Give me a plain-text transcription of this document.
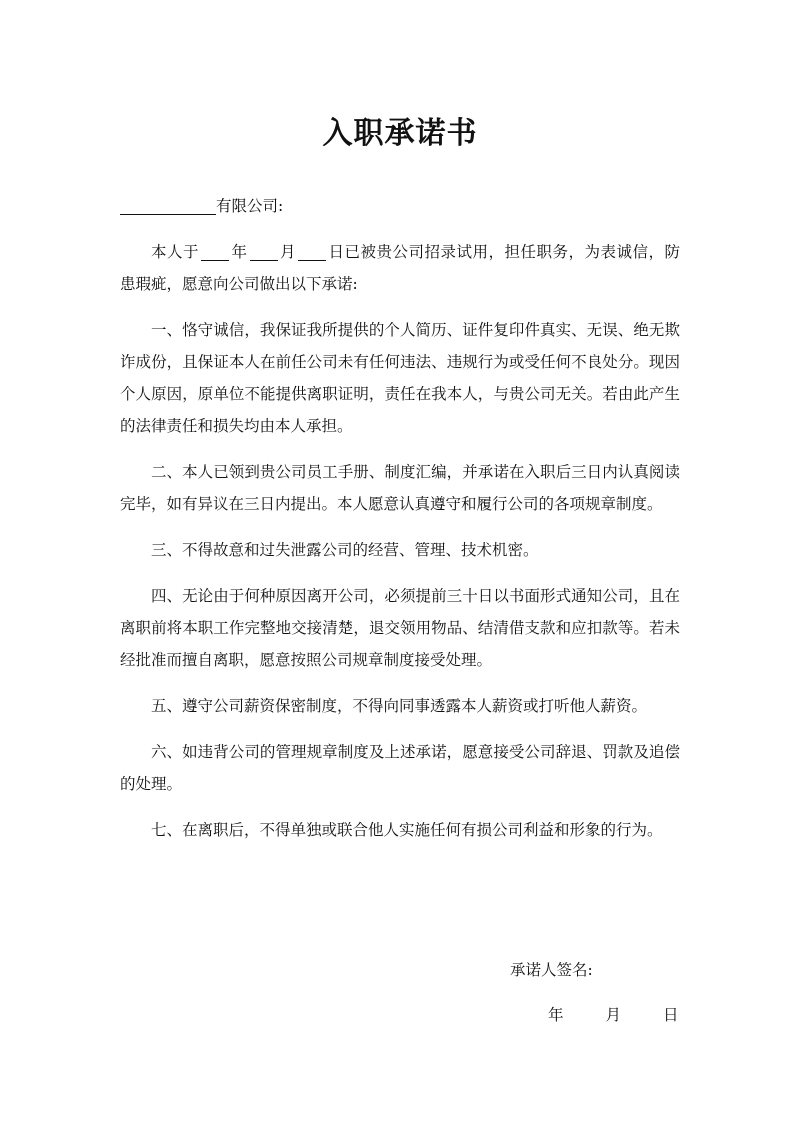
入职承诺书

有限公司:

本人于 年 月 日已被贵公司招录试用，担任职务，为表诚信，防患瑕疵，愿意向公司做出以下承诺:

一、恪守诚信，我保证我所提供的个人简历、证件复印件真实、无误、绝无欺诈成份，且保证本人在前任公司未有任何违法、违规行为或受任何不良处分。现因个人原因，原单位不能提供离职证明，责任在我本人，与贵公司无关。若由此产生的法律责任和损失均由本人承担。

二、本人已领到贵公司员工手册、制度汇编，并承诺在入职后三日内认真阅读完毕，如有异议在三日内提出。本人愿意认真遵守和履行公司的各项规章制度。

三、不得故意和过失泄露公司的经营、管理、技术机密。

四、无论由于何种原因离开公司，必须提前三十日以书面形式通知公司，且在离职前将本职工作完整地交接清楚，退交领用物品、结清借支款和应扣款等。若未经批准而擅自离职，愿意按照公司规章制度接受处理。

五、遵守公司薪资保密制度，不得向同事透露本人薪资或打听他人薪资。

六、如违背公司的管理规章制度及上述承诺，愿意接受公司辞退、罚款及追偿的处理。

七、在离职后，不得单独或联合他人实施任何有损公司利益和形象的行为。

承诺人签名:
年	月	日
